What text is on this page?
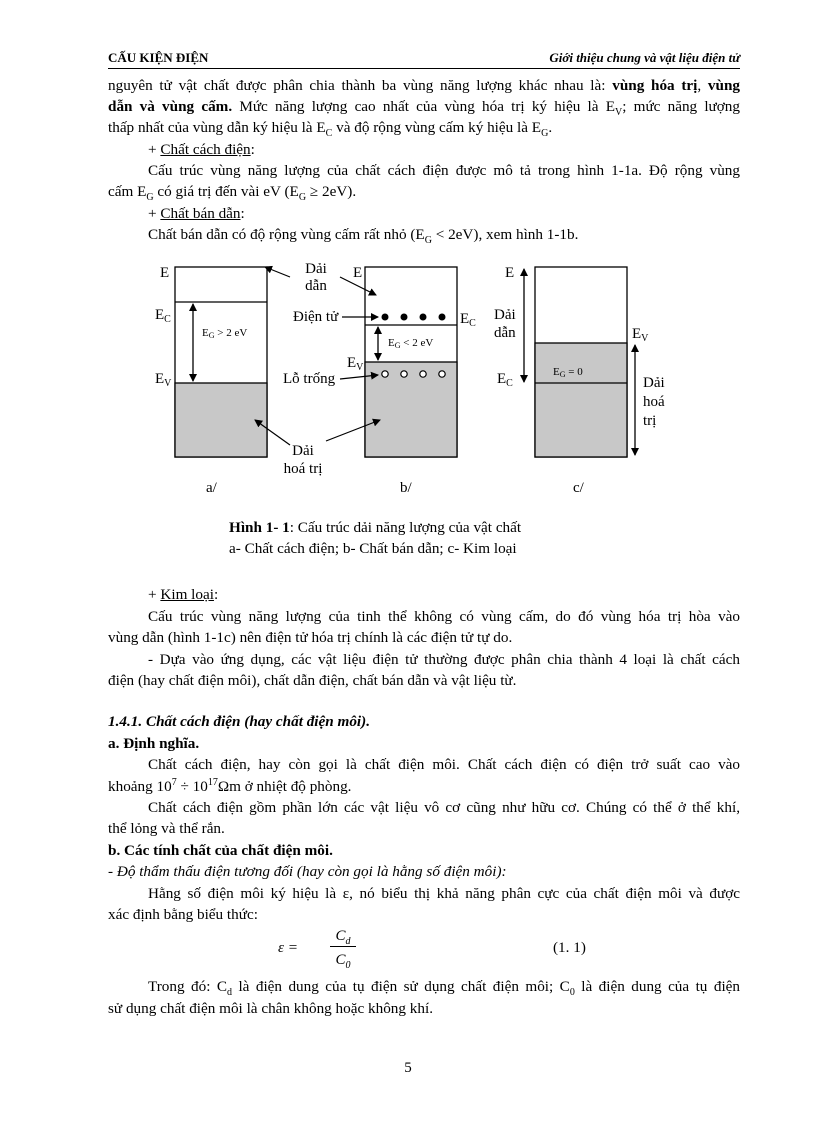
CẤU KIỆN ĐIỆN	Giới thiệu chung và vật liệu điện tử
nguyên tử vật chất được phân chia thành ba vùng năng lượng khác nhau là: vùng hóa trị, vùng
dẫn và vùng cấm. Mức năng lượng cao nhất của vùng hóa trị ký hiệu là $E_V$; mức năng lượng
thấp nhất của vùng dẫn ký hiệu là $E_C$ và độ rộng vùng cấm ký hiệu là $E_G$.
+ Chất cách điện:
Cấu trúc vùng năng lượng của chất cách điện được mô tả trong hình 1-1a. Độ rộng vùng
cấm $E_G$ có giá trị đến vài eV $(E_G \ge 2eV)$.
+ Chất bán dẫn:
Chất bán dẫn có độ rộng vùng cấm rất nhỏ $(E_G < 2eV)$, xem hình 1-1b.
E
$E_C$
$E_V$
EG > 2 eV
a/
E
$E_C$
$E_V$
EG < 2 eV
b/
Dải
dẫn
Điện tử
Lỗ trống
Dải
hoá trị
E
$E_C$
$E_V$
Dải
dẫn
EG = 0
Dải
hoá
trị
c/
Hình 1- 1: Cấu trúc dải năng lượng của vật chất
a- Chất cách điện; b- Chất bán dẫn; c- Kim loại
+ Kim loại:
Cấu trúc vùng năng lượng của tinh thể không có vùng cấm, do đó vùng hóa trị hòa vào
vùng dẫn (hình 1-1c) nên điện tử hóa trị chính là các điện tử tự do.
- Dựa vào ứng dụng, các vật liệu điện tử thường được phân chia thành 4 loại là chất cách
điện (hay chất điện môi), chất dẫn điện, chất bán dẫn và vật liệu từ.
1.4.1. Chất cách điện (hay chất điện môi).
a. Định nghĩa.
Chất cách điện, hay còn gọi là chất điện môi. Chất cách điện có điện trở suất cao vào
khoảng $10^7 \div 10^{17}\Omega m$ ở nhiệt độ phòng.
Chất cách điện gồm phần lớn các vật liệu vô cơ cũng như hữu cơ. Chúng có thể ở thể khí,
thể lỏng và thể rắn.
b. Các tính chất của chất điện môi.
- Độ thẩm thấu điện tương đối (hay còn gọi là hằng số điện môi):
Hằng số điện môi ký hiệu là ε, nó biểu thị khả năng phân cực của chất điện môi và được
xác định bằng biểu thức:
ε =
$C_d$
$C_0$
(1. 1)
Trong đó: $C_d$ là điện dung của tụ điện sử dụng chất điện môi; $C_0$ là điện dung của tụ điện
sử dụng chất điện môi là chân không hoặc không khí.
5
